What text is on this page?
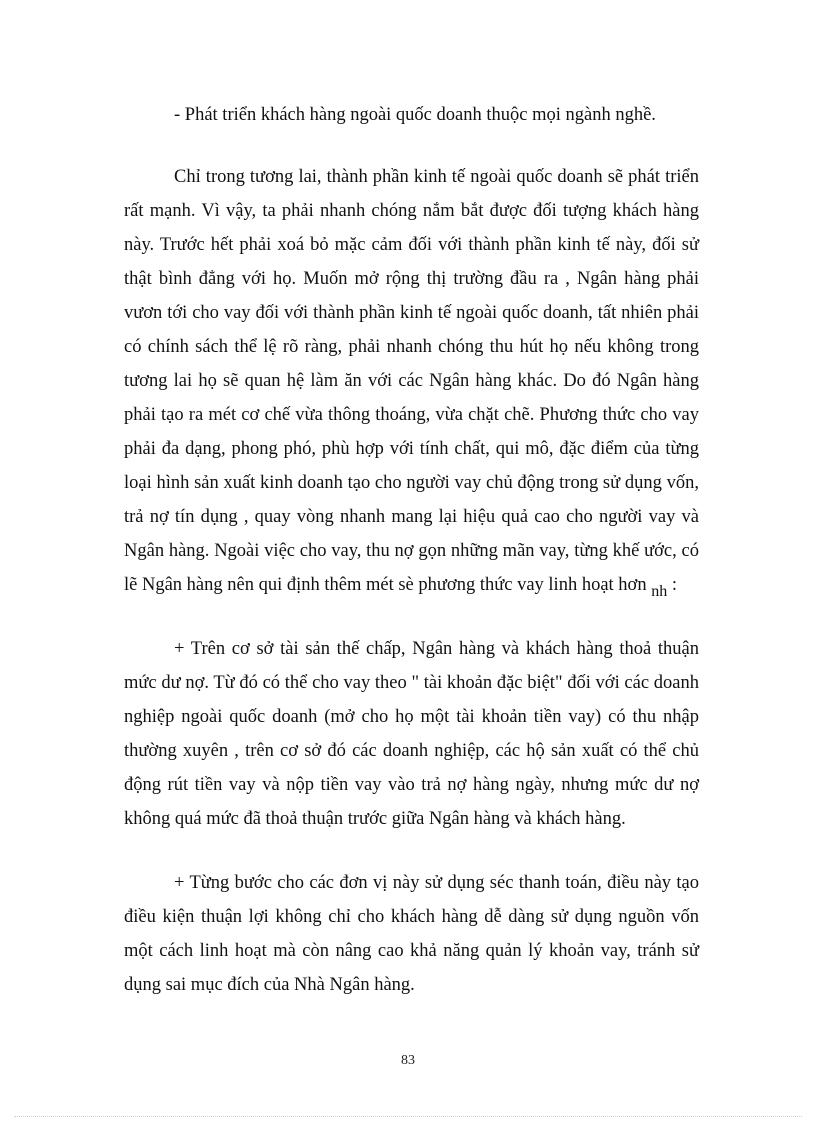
- Phát triển khách hàng ngoài quốc doanh thuộc mọi ngành nghề.

Chỉ trong tương lai, thành phần kinh tế ngoài quốc doanh sẽ phát triển rất mạnh. Vì vậy, ta phải nhanh chóng nắm bắt được đối tượng khách hàng này. Trước hết phải xoá bỏ mặc cảm đối với thành phần kinh tế này, đối sử thật bình đẳng với họ. Muốn mở rộng thị trường đầu ra , Ngân hàng phải vươn tới cho vay đối với thành phần kinh tế ngoài quốc doanh, tất nhiên phải có chính sách thể lệ rõ ràng, phải nhanh chóng thu hút họ nếu không trong tương lai họ sẽ quan hệ làm ăn với các Ngân hàng khác. Do đó Ngân hàng phải tạo ra mét cơ chế vừa thông thoáng, vừa chặt chẽ. Phương thức cho vay phải đa dạng, phong phó, phù hợp với tính chất, qui mô, đặc điểm của từng loại hình sản xuất kinh doanh tạo cho người vay chủ động trong sử dụng vốn, trả nợ tín dụng , quay vòng nhanh mang lại hiệu quả cao cho người vay và Ngân hàng. Ngoài việc cho vay, thu nợ gọn những mãn vay, từng khế ước, có lẽ Ngân hàng nên qui định thêm mét sè phương thức vay linh hoạt hơn nh :

+ Trên cơ sở tài sản thế chấp, Ngân hàng và khách hàng thoả thuận mức dư nợ. Từ đó có thể cho vay theo " tài khoản đặc biệt" đối với các doanh nghiệp ngoài quốc doanh (mở cho họ một tài khoản tiền vay) có thu nhập thường xuyên , trên cơ sở đó các doanh nghiệp, các hộ sản xuất có thể chủ động rút tiền vay và nộp tiền vay vào trả nợ hàng ngày, nhưng mức dư nợ không quá mức đã thoả thuận trước giữa Ngân hàng và khách hàng.

+ Từng bước cho các đơn vị này sử dụng séc thanh toán, điều này tạo điều kiện thuận lợi không chỉ cho khách hàng dễ dàng sử dụng nguồn vốn một cách linh hoạt mà còn nâng cao khả năng quản lý khoản vay, tránh sử dụng sai mục đích của Nhà Ngân hàng.

83
